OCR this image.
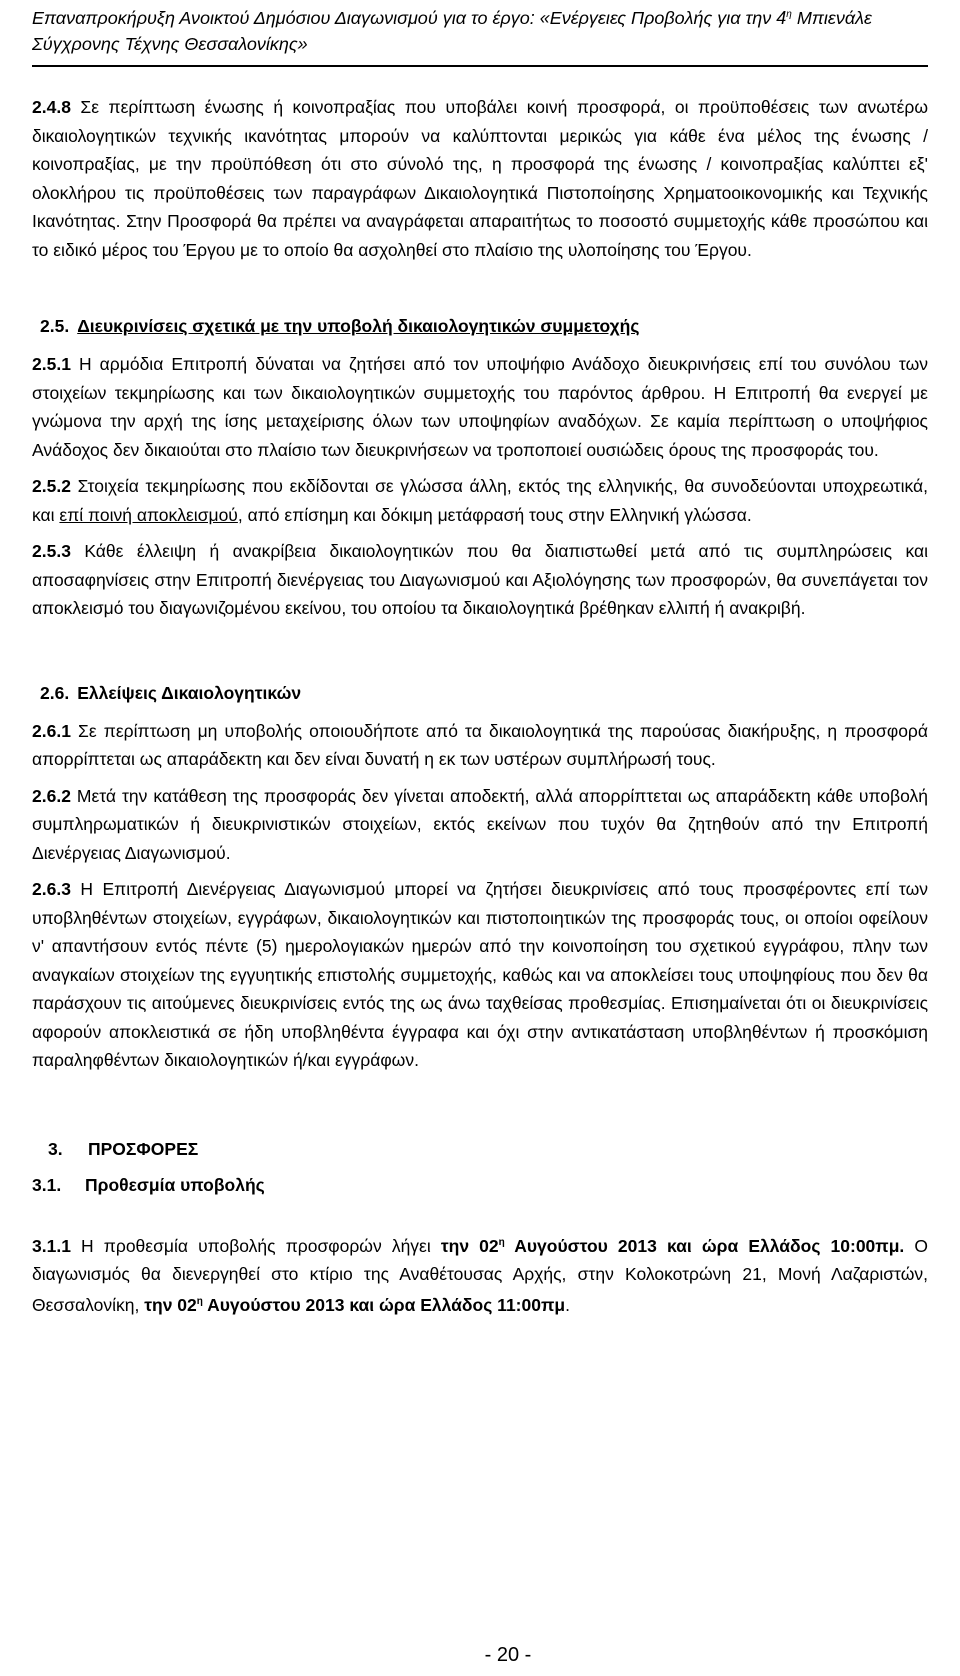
Επαναπροκήρυξη Ανοικτού Δημόσιου Διαγωνισμού για το έργο: «Ενέργειες Προβολής για την $4^\eta$ Μπιενάλε
Σύγχρονης Τέχνης Θεσσαλονίκης»

2.4.8 Σε περίπτωση ένωσης ή κοινοπραξίας που υποβάλει κοινή προσφορά, οι προϋποθέσεις των ανωτέρω δικαιολογητικών τεχνικής ικανότητας μπορούν να καλύπτονται μερικώς για κάθε ένα μέλος της ένωσης / κοινοπραξίας, με την προϋπόθεση ότι στο σύνολό της, η προσφορά της ένωσης / κοινοπραξίας καλύπτει εξ' ολοκλήρου τις προϋποθέσεις των παραγράφων Δικαιολογητικά Πιστοποίησης Χρηματοοικονομικής και Τεχνικής Ικανότητας. Στην Προσφορά θα πρέπει να αναγράφεται απαραιτήτως το ποσοστό συμμετοχής κάθε προσώπου και το ειδικό μέρος του Έργου με το οποίο θα ασχοληθεί στο πλαίσιο της υλοποίησης του Έργου.

2.5. Διευκρινίσεις σχετικά με την υποβολή δικαιολογητικών συμμετοχής

2.5.1 Η αρμόδια Επιτροπή δύναται να ζητήσει από τον υποψήφιο Ανάδοχο διευκρινήσεις επί του συνόλου των στοιχείων τεκμηρίωσης και των δικαιολογητικών συμμετοχής του παρόντος άρθρου. Η Επιτροπή θα ενεργεί με γνώμονα την αρχή της ίσης μεταχείρισης όλων των υποψηφίων αναδόχων. Σε καμία περίπτωση ο υποψήφιος Ανάδοχος δεν δικαιούται στο πλαίσιο των διευκρινήσεων να τροποποιεί ουσιώδεις όρους της προσφοράς του.

2.5.2 Στοιχεία τεκμηρίωσης που εκδίδονται σε γλώσσα άλλη, εκτός της ελληνικής, θα συνοδεύονται υποχρεωτικά, και επί ποινή αποκλεισμού, από επίσημη και δόκιμη μετάφρασή τους στην Ελληνική γλώσσα.

2.5.3 Κάθε έλλειψη ή ανακρίβεια δικαιολογητικών που θα διαπιστωθεί μετά από τις συμπληρώσεις και αποσαφηνίσεις στην Επιτροπή διενέργειας του Διαγωνισμού και Αξιολόγησης των προσφορών, θα συνεπάγεται τον αποκλεισμό του διαγωνιζομένου εκείνου, του οποίου τα δικαιολογητικά βρέθηκαν ελλιπή ή ανακριβή.

2.6. Ελλείψεις Δικαιολογητικών

2.6.1 Σε περίπτωση μη υποβολής οποιουδήποτε από τα δικαιολογητικά της παρούσας διακήρυξης, η προσφορά απορρίπτεται ως απαράδεκτη και δεν είναι δυνατή η εκ των υστέρων συμπλήρωσή τους.

2.6.2 Μετά την κατάθεση της προσφοράς δεν γίνεται αποδεκτή, αλλά απορρίπτεται ως απαράδεκτη κάθε υποβολή συμπληρωματικών ή διευκρινιστικών στοιχείων, εκτός εκείνων που τυχόν θα ζητηθούν από την Επιτροπή Διενέργειας Διαγωνισμού.

2.6.3 Η Επιτροπή Διενέργειας Διαγωνισμού μπορεί να ζητήσει διευκρινίσεις από τους προσφέροντες επί των υποβληθέντων στοιχείων, εγγράφων, δικαιολογητικών και πιστοποιητικών της προσφοράς τους, οι οποίοι οφείλουν ν' απαντήσουν εντός πέντε (5) ημερολογιακών ημερών από την κοινοποίηση του σχετικού εγγράφου, πλην των αναγκαίων στοιχείων της εγγυητικής επιστολής συμμετοχής, καθώς και να αποκλείσει τους υποψηφίους που δεν θα παράσχουν τις αιτούμενες διευκρινίσεις εντός της ως άνω ταχθείσας προθεσμίας. Επισημαίνεται ότι οι διευκρινίσεις αφορούν αποκλειστικά σε ήδη υποβληθέντα έγγραφα και όχι στην αντικατάσταση υποβληθέντων ή προσκόμιση παραληφθέντων δικαιολογητικών ή/και εγγράφων.

3. ΠΡΟΣΦΟΡΕΣ

3.1. Προθεσμία υποβολής

3.1.1 Η προθεσμία υποβολής προσφορών λήγει την $02^\eta$ Αυγούστου 2013 και ώρα Ελλάδος 10:00πμ. Ο διαγωνισμός θα διενεργηθεί στο κτίριο της Αναθέτουσας Αρχής, στην Κολοκοτρώνη 21, Μονή Λαζαριστών, Θεσσαλονίκη, την $02^\eta$ Αυγούστου 2013 και ώρα Ελλάδος 11:00πμ.

- 20 -
